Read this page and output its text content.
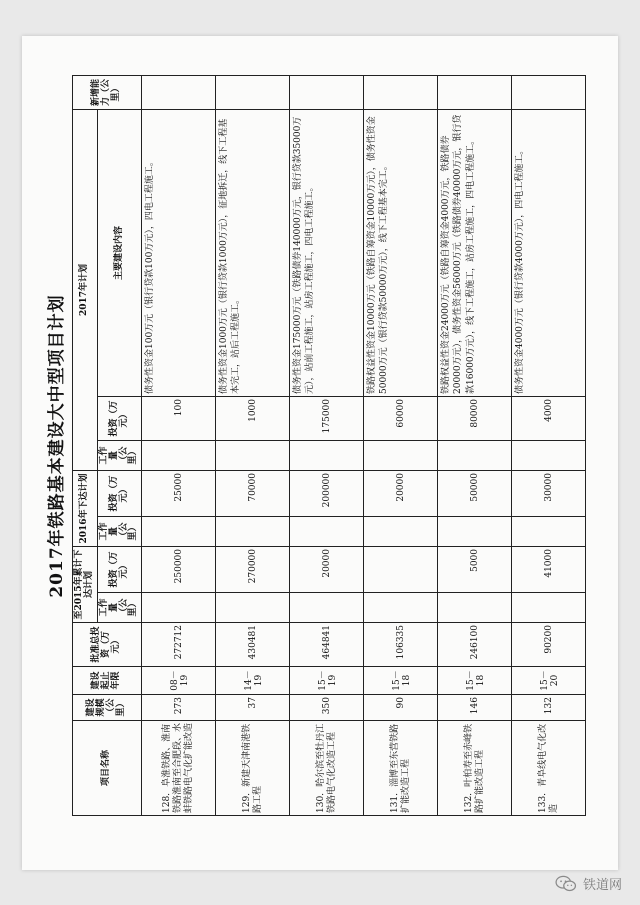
2017年铁路基本建设大中型项目计划
项目名称	建设规模（公里）	建设起止年限	批准总投资（万元）	至2015年累计下达计划		2016年下达计划		2017年计划			新增能力（公里）
				工作量（公里）	投资（万元）	工作量（公里）	投资（万元）	工作量（公里）	投资（万元）	主要建设内容	
128．阜淮铁路、淮南铁路淮南至合肥段、水蚌铁路电气化扩能改造	273	08－19	272712		250000		25000		100	债务性资金100万元（银行贷款100万元），四电工程施工。	
129．新建天津南港铁路工程	37	14－19	430481		270000		70000		1000	债务性资金1000万元（银行贷款1000万元），征地拆迁，线下工程基本完工，站后工程施工。	
130．哈尔滨至牡丹江铁路电气化改造工程	350	15－19	464841		20000		200000		175000	债务性资金175000万元（铁路债券140000万元，银行贷款35000万元），站前工程施工，站房工程施工，四电工程施工。	
131．淄博至东营铁路扩能改造工程	90	15－18	106335				20000		60000	铁路权益性资金10000万元（铁路自筹资金10000万元），债务性资金50000万元（银行贷款50000万元），线下工程基本完工。	
132．叶柏寿至赤峰铁路扩能改造工程	146	15－18	246100		5000		50000		80000	铁路权益性资金24000万元（铁路自筹资金4000万元，铁路债券20000万元），债务性资金56000万元（铁路债券40000万元，银行贷款16000万元），线下工程施工，站房工程施工，四电工程施工。	
133．青阜线电气化改造	132	15－20	90200		41000		30000		4000	债务性资金4000万元（银行贷款4000万元），四电工程施工。	
铁道网
